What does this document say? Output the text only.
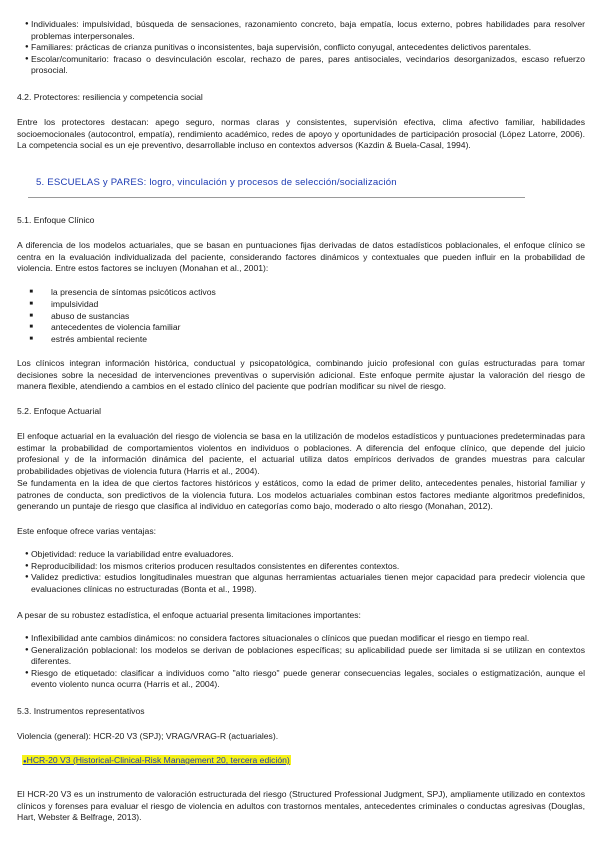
● Individuales: impulsividad, búsqueda de sensaciones, razonamiento concreto, baja empatía, locus externo, pobres habilidades para resolver problemas interpersonales.
● Familiares: prácticas de crianza punitivas o inconsistentes, baja supervisión, conflicto conyugal, antecedentes delictivos parentales.
● Escolar/comunitario: fracaso o desvinculación escolar, rechazo de pares, pares antisociales, vecindarios desorganizados, escaso refuerzo prosocial.
4.2. Protectores: resiliencia y competencia social
Entre los protectores destacan: apego seguro, normas claras y consistentes, supervisión efectiva, clima afectivo familiar, habilidades socioemocionales (autocontrol, empatía), rendimiento académico, redes de apoyo y oportunidades de participación prosocial (López Latorre, 2006). La competencia social es un eje preventivo, desarrollable incluso en contextos adversos (Kazdin & Buela-Casal, 1994).
5. ESCUELAS y PARES: logro, vinculación y procesos de selección/socialización
5.1. Enfoque Clínico
A diferencia de los modelos actuariales, que se basan en puntuaciones fijas derivadas de datos estadísticos poblacionales, el enfoque clínico se centra en la evaluación individualizada del paciente, considerando factores dinámicos y contextuales que pueden influir en la probabilidad de violencia. Entre estos factores se incluyen (Monahan et al., 2001):
■	la presencia de síntomas psicóticos activos
■	impulsividad
■	abuso de sustancias
■	antecedentes de violencia familiar
■	estrés ambiental reciente
Los clínicos integran información histórica, conductual y psicopatológica, combinando juicio profesional con guías estructuradas para tomar decisiones sobre la necesidad de intervenciones preventivas o supervisión adicional. Este enfoque permite ajustar la valoración del riesgo de manera flexible, atendiendo a cambios en el estado clínico del paciente que podrían modificar su nivel de riesgo.
5.2. Enfoque Actuarial
El enfoque actuarial en la evaluación del riesgo de violencia se basa en la utilización de modelos estadísticos y puntuaciones predeterminadas para estimar la probabilidad de comportamientos violentos en individuos o poblaciones. A diferencia del enfoque clínico, que depende del juicio profesional y de la información dinámica del paciente, el actuarial utiliza datos empíricos derivados de grandes muestras para calcular probabilidades objetivas de violencia futura (Harris et al., 2004).
Se fundamenta en la idea de que ciertos factores históricos y estáticos, como la edad de primer delito, antecedentes penales, historial familiar y patrones de conducta, son predictivos de la violencia futura. Los modelos actuariales combinan estos factores mediante algoritmos predefinidos, generando un puntaje de riesgo que clasifica al individuo en categorías como bajo, moderado o alto riesgo (Monahan, 2012).
Este enfoque ofrece varias ventajas:
● Objetividad: reduce la variabilidad entre evaluadores.
● Reproducibilidad: los mismos criterios producen resultados consistentes en diferentes contextos.
● Validez predictiva: estudios longitudinales muestran que algunas herramientas actuariales tienen mejor capacidad para predecir violencia que evaluaciones clínicas no estructuradas (Bonta et al., 1998).
A pesar de su robustez estadística, el enfoque actuarial presenta limitaciones importantes:
● Inflexibilidad ante cambios dinámicos: no considera factores situacionales o clínicos que puedan modificar el riesgo en tiempo real.
● Generalización poblacional: los modelos se derivan de poblaciones específicas; su aplicabilidad puede ser limitada si se utilizan en contextos diferentes.
● Riesgo de etiquetado: clasificar a individuos como "alto riesgo" puede generar consecuencias legales, sociales o estigmatización, aunque el evento violento nunca ocurra (Harris et al., 2004).
5.3. Instrumentos representativos
Violencia (general): HCR-20 V3 (SPJ); VRAG/VRAG-R (actuariales).
●HCR-20 V3 (Historical-Clinical-Risk Management 20, tercera edición)
El HCR-20 V3 es un instrumento de valoración estructurada del riesgo (Structured Professional Judgment, SPJ), ampliamente utilizado en contextos clínicos y forenses para evaluar el riesgo de violencia en adultos con trastornos mentales, antecedentes criminales o conductas agresivas (Douglas, Hart, Webster & Belfrage, 2013).
